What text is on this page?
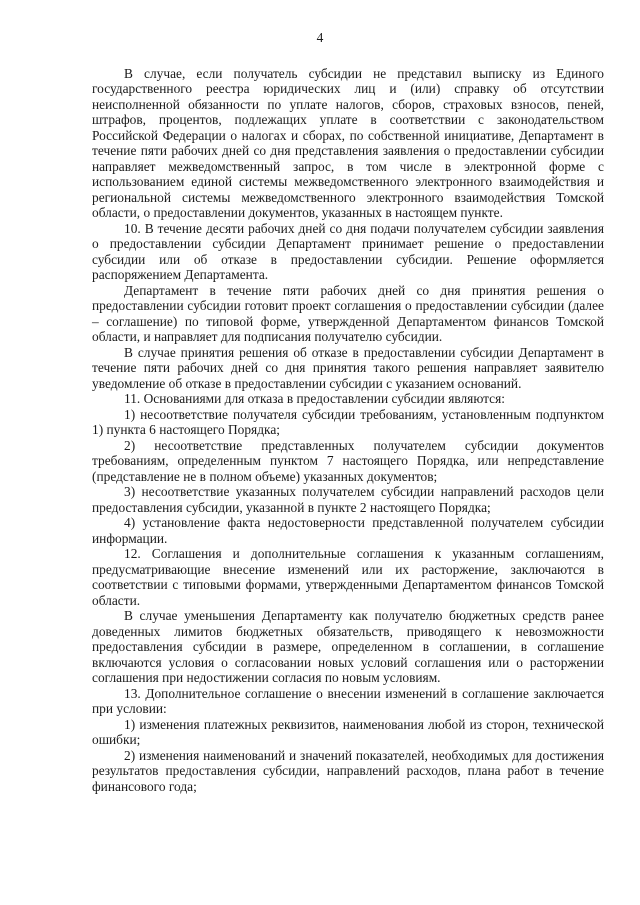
4

В случае, если получатель субсидии не представил выписку из Единого государственного реестра юридических лиц и (или) справку об отсутствии неисполненной обязанности по уплате налогов, сборов, страховых взносов, пеней, штрафов, процентов, подлежащих уплате в соответствии с законодательством Российской Федерации о налогах и сборах, по собственной инициативе, Департамент в течение пяти рабочих дней со дня представления заявления о предоставлении субсидии направляет межведомственный запрос, в том числе в электронной форме с использованием единой системы межведомственного электронного взаимодействия и региональной системы межведомственного электронного взаимодействия Томской области, о предоставлении документов, указанных в настоящем пункте.

10. В течение десяти рабочих дней со дня подачи получателем субсидии заявления о предоставлении субсидии Департамент принимает решение о предоставлении субсидии или об отказе в предоставлении субсидии. Решение оформляется распоряжением Департамента.

Департамент в течение пяти рабочих дней со дня принятия решения о предоставлении субсидии готовит проект соглашения о предоставлении субсидии (далее – соглашение) по типовой форме, утвержденной Департаментом финансов Томской области, и направляет для подписания получателю субсидии.

В случае принятия решения об отказе в предоставлении субсидии Департамент в течение пяти рабочих дней со дня принятия такого решения направляет заявителю уведомление об отказе в предоставлении субсидии с указанием оснований.

11. Основаниями для отказа в предоставлении субсидии являются:

1) несоответствие получателя субсидии требованиям, установленным подпунктом 1) пункта 6 настоящего Порядка;

2) несоответствие представленных получателем субсидии документов требованиям, определенным пунктом 7 настоящего Порядка, или непредставление (представление не в полном объеме) указанных документов;

3) несоответствие указанных получателем субсидии направлений расходов цели предоставления субсидии, указанной в пункте 2 настоящего Порядка;

4) установление факта недостоверности представленной получателем субсидии информации.

12. Соглашения и дополнительные соглашения к указанным соглашениям, предусматривающие внесение изменений или их расторжение, заключаются в соответствии с типовыми формами, утвержденными Департаментом финансов Томской области.

В случае уменьшения Департаменту как получателю бюджетных средств ранее доведенных лимитов бюджетных обязательств, приводящего к невозможности предоставления субсидии в размере, определенном в соглашении, в соглашение включаются условия о согласовании новых условий соглашения или о расторжении соглашения при недостижении согласия по новым условиям.

13. Дополнительное соглашение о внесении изменений в соглашение заключается при условии:

1) изменения платежных реквизитов, наименования любой из сторон, технической ошибки;

2) изменения наименований и значений показателей, необходимых для достижения результатов предоставления субсидии, направлений расходов, плана работ в течение финансового года;
